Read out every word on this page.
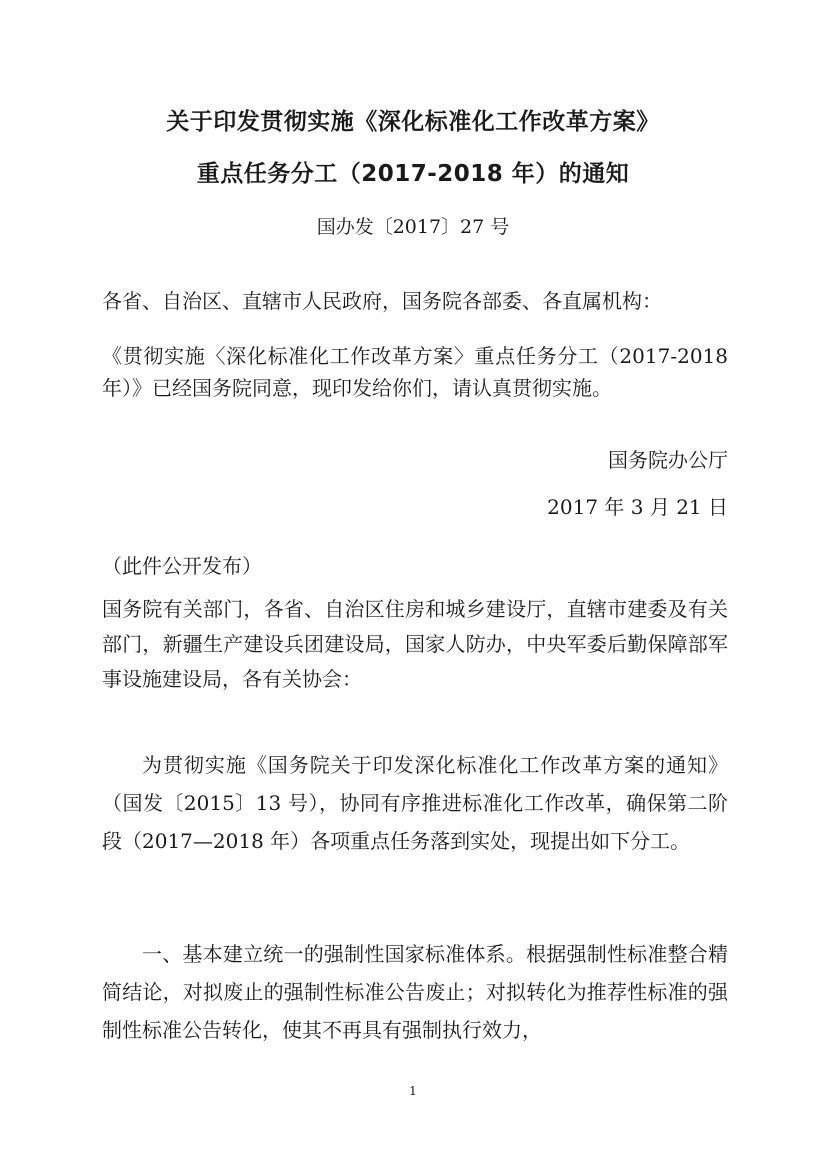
关于印发贯彻实施《深化标准化工作改革方案》
重点任务分工（2017-2018 年）的通知
国办发〔2017〕27 号
各省、自治区、直辖市人民政府，国务院各部委、各直属机构：
《贯彻实施〈深化标准化工作改革方案〉重点任务分工（2017-2018年）》已经国务院同意，现印发给你们，请认真贯彻实施。
国务院办公厅
2017 年 3 月 21 日
（此件公开发布）
国务院有关部门，各省、自治区住房和城乡建设厅，直辖市建委及有关部门，新疆生产建设兵团建设局，国家人防办，中央军委后勤保障部军事设施建设局，各有关协会：
为贯彻实施《国务院关于印发深化标准化工作改革方案的通知》（国发〔2015〕13 号），协同有序推进标准化工作改革，确保第二阶段（2017—2018 年）各项重点任务落到实处，现提出如下分工。
一、基本建立统一的强制性国家标准体系。根据强制性标准整合精简结论，对拟废止的强制性标准公告废止；对拟转化为推荐性标准的强制性标准公告转化，使其不再具有强制执行效力，
1
